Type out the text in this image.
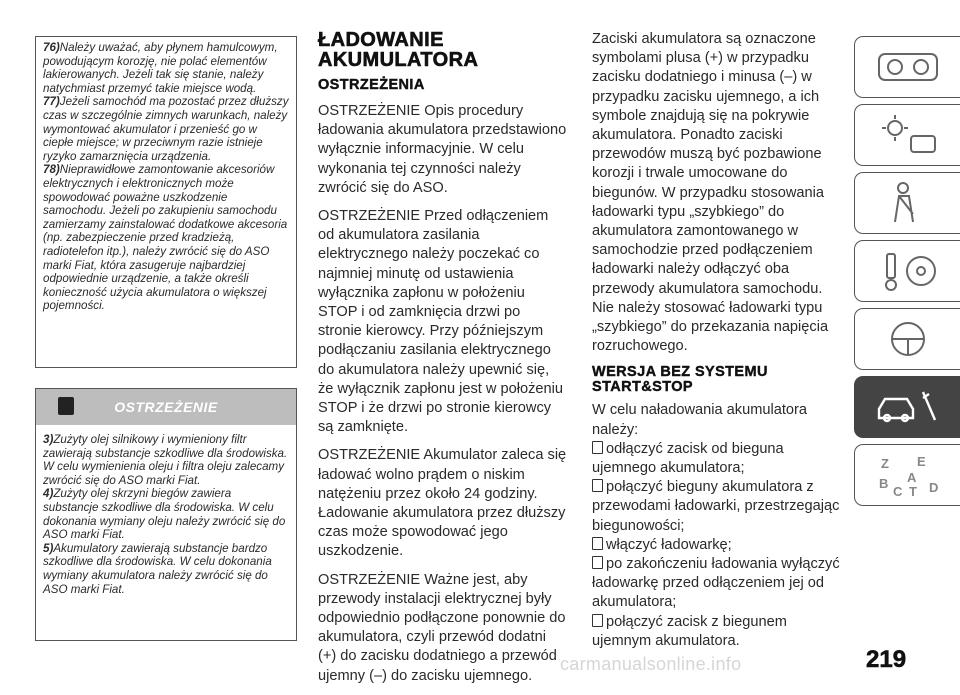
76)Należy uważać, aby płynem hamulcowym, powodującym korozję, nie polać elementów lakierowanych. Jeżeli tak się stanie, należy natychmiast przemyć takie miejsce wodą.
77)Jeżeli samochód ma pozostać przez dłuższy czas w szczególnie zimnych warunkach, należy wymontować akumulator i przenieść go w ciepłe miejsce; w przeciwnym razie istnieje ryzyko zamarznięcia urządzenia.
78)Nieprawidłowe zamontowanie akcesoriów elektrycznych i elektronicznych może spowodować poważne uszkodzenie samochodu. Jeżeli po zakupieniu samochodu zamierzamy zainstalować dodatkowe akcesoria (np. zabezpieczenie przed kradzieżą, radiotelefon itp.), należy zwrócić się do ASO marki Fiat, która zasugeruje najbardziej odpowiednie urządzenie, a także określi konieczność użycia akumulatora o większej pojemności.
OSTRZEŻENIE
3)Zużyty olej silnikowy i wymieniony filtr zawierają substancje szkodliwe dla środowiska. W celu wymienienia oleju i filtra oleju zalecamy zwrócić się do ASO marki Fiat.
4)Zużyty olej skrzyni biegów zawiera substancje szkodliwe dla środowiska. W celu dokonania wymiany oleju należy zwrócić się do ASO marki Fiat.
5)Akumulatory zawierają substancje bardzo szkodliwe dla środowiska. W celu dokonania wymiany akumulatora należy zwrócić się do ASO marki Fiat.
ŁADOWANIE
AKUMULATORA
OSTRZEŻENIA

OSTRZEŻENIE Opis procedury ładowania akumulatora przedstawiono wyłącznie informacyjnie. W celu wykonania tej czynności należy zwrócić się do ASO.

OSTRZEŻENIE Przed odłączeniem od akumulatora zasilania elektrycznego należy poczekać co najmniej minutę od ustawienia wyłącznika zapłonu w położeniu STOP i od zamknięcia drzwi po stronie kierowcy. Przy późniejszym podłączaniu zasilania elektrycznego do akumulatora należy upewnić się, że wyłącznik zapłonu jest w położeniu STOP i że drzwi po stronie kierowcy są zamknięte.

OSTRZEŻENIE Akumulator zaleca się ładować wolno prądem o niskim natężeniu przez około 24 godziny. Ładowanie akumulatora przez dłuższy czas może spowodować jego uszkodzenie.

OSTRZEŻENIE Ważne jest, aby przewody instalacji elektrycznej były odpowiednio podłączone ponownie do akumulatora, czyli przewód dodatni (+) do zacisku dodatniego a przewód ujemny (–) do zacisku ujemnego.

Zaciski akumulatora są oznaczone symbolami plusa (+) w przypadku zacisku dodatniego i minusa (–) w przypadku zacisku ujemnego, a ich symbole znajdują się na pokrywie akumulatora. Ponadto zaciski przewodów muszą być pozbawione korozji i trwale umocowane do biegunów. W przypadku stosowania ładowarki typu „szybkiego” do akumulatora zamontowanego w samochodzie przed podłączeniem ładowarki należy odłączyć oba przewody akumulatora samochodu. Nie należy stosować ładowarki typu „szybkiego” do przekazania napięcia rozruchowego.

WERSJA BEZ SYSTEMU
START&STOP
W celu naładowania akumulatora należy:
odłączyć zacisk od bieguna ujemnego akumulatora;
połączyć bieguny akumulatora z przewodami ładowarki, przestrzegając biegunowości;
włączyć ładowarkę;
po zakończeniu ładowania wyłączyć ładowarkę przed odłączeniem jej od akumulatora;
połączyć zacisk z biegunem ujemnym akumulatora.
Z E
B A
C T D
219
carmanualsonline.info
